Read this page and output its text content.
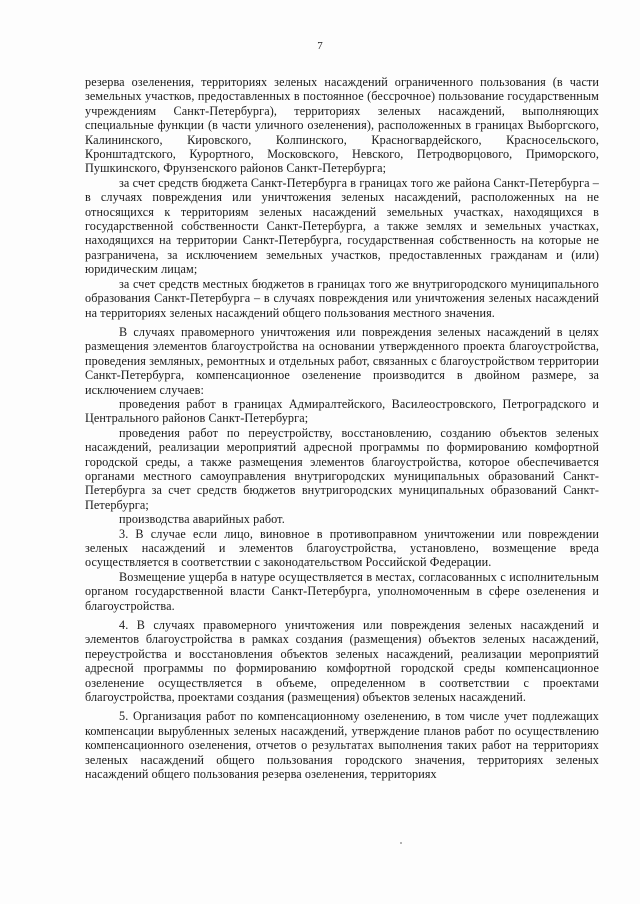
7

резерва озеленения, территориях зеленых насаждений ограниченного пользования (в части земельных участков, предоставленных в постоянное (бессрочное) пользование государственным учреждениям Санкт-Петербурга), территориях зеленых насаждений, выполняющих специальные функции (в части уличного озеленения), расположенных в границах Выборгского, Калининского, Кировского, Колпинского, Красногвардейского, Красносельского, Кронштадтского, Курортного, Московского, Невского, Петродворцового, Приморского, Пушкинского, Фрунзенского районов Санкт-Петербурга;

за счет средств бюджета Санкт-Петербурга в границах того же района Санкт-Петербурга – в случаях повреждения или уничтожения зеленых насаждений, расположенных на не относящихся к территориям зеленых насаждений земельных участках, находящихся в государственной собственности Санкт-Петербурга, а также землях и земельных участках, находящихся на территории Санкт-Петербурга, государственная собственность на которые не разграничена, за исключением земельных участков, предоставленных гражданам и (или) юридическим лицам;

за счет средств местных бюджетов в границах того же внутригородского муниципального образования Санкт-Петербурга – в случаях повреждения или уничтожения зеленых насаждений на территориях зеленых насаждений общего пользования местного значения.

В случаях правомерного уничтожения или повреждения зеленых насаждений в целях размещения элементов благоустройства на основании утвержденного проекта благоустройства, проведения земляных, ремонтных и отдельных работ, связанных с благоустройством территории Санкт-Петербурга, компенсационное озеленение производится в двойном размере, за исключением случаев:

проведения работ в границах Адмиралтейского, Василеостровского, Петроградского и Центрального районов Санкт-Петербурга;

проведения работ по переустройству, восстановлению, созданию объектов зеленых насаждений, реализации мероприятий адресной программы по формированию комфортной городской среды, а также размещения элементов благоустройства, которое обеспечивается органами местного самоуправления внутригородских муниципальных образований Санкт-Петербурга за счет средств бюджетов внутригородских муниципальных образований Санкт-Петербурга;

производства аварийных работ.

3. В случае если лицо, виновное в противоправном уничтожении или повреждении зеленых насаждений и элементов благоустройства, установлено, возмещение вреда осуществляется в соответствии с законодательством Российской Федерации.

Возмещение ущерба в натуре осуществляется в местах, согласованных с исполнительным органом государственной власти Санкт-Петербурга, уполномоченным в сфере озеленения и благоустройства.

4. В случаях правомерного уничтожения или повреждения зеленых насаждений и элементов благоустройства в рамках создания (размещения) объектов зеленых насаждений, переустройства и восстановления объектов зеленых насаждений, реализации мероприятий адресной программы по формированию комфортной городской среды компенсационное озеленение осуществляется в объеме, определенном в соответствии с проектами благоустройства, проектами создания (размещения) объектов зеленых насаждений.

5. Организация работ по компенсационному озеленению, в том числе учет подлежащих компенсации вырубленных зеленых насаждений, утверждение планов работ по осуществлению компенсационного озеленения, отчетов о результатах выполнения таких работ на территориях зеленых насаждений общего пользования городского значения, территориях зеленых насаждений общего пользования резерва озеленения, территориях
